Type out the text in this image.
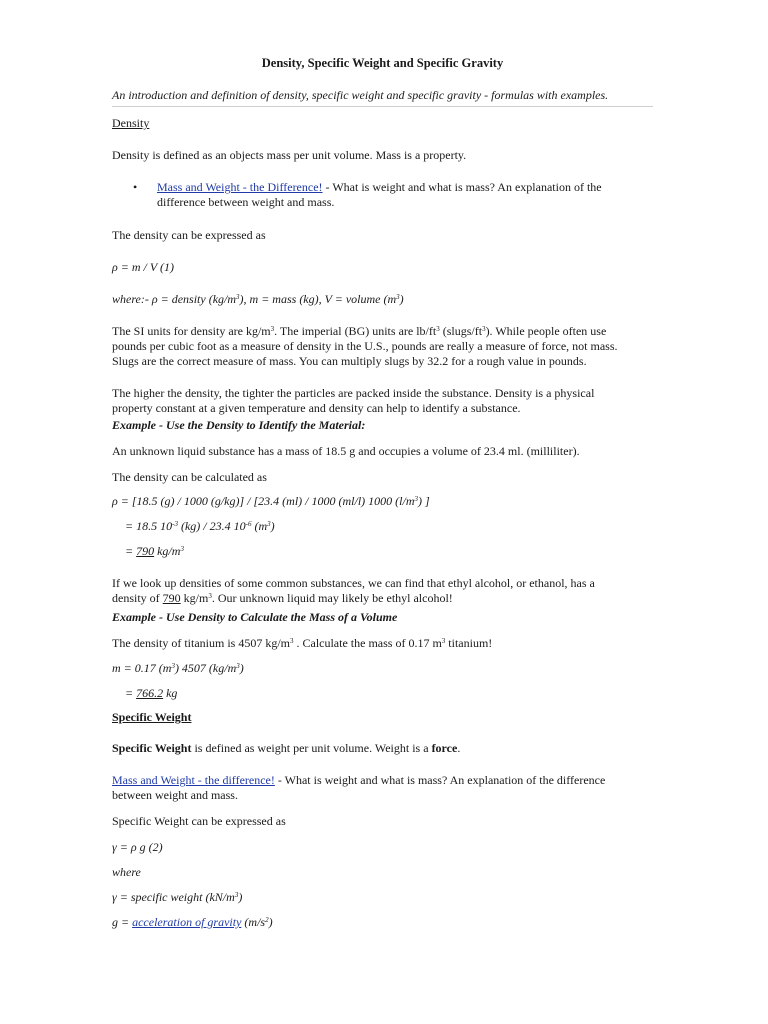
Density, Specific Weight and Specific Gravity

An introduction and definition of density, specific weight and specific gravity - formulas with examples.

Density

Density is defined as an objects mass per unit volume. Mass is a property.

• Mass and Weight - the Difference! - What is weight and what is mass? An explanation of the
difference between weight and mass.

The density can be expressed as

ρ = m / V (1)

where:- ρ = density $(kg/m^3)$, m = mass (kg), V = volume $(m^3)$

The SI units for density are $kg/m^3$. The imperial (BG) units are $lb/ft^3$ $(slugs/ft^3)$. While people often use
pounds per cubic foot as a measure of density in the U.S., pounds are really a measure of force, not mass.
Slugs are the correct measure of mass. You can multiply slugs by 32.2 for a rough value in pounds.

The higher the density, the tighter the particles are packed inside the substance. Density is a physical
property constant at a given temperature and density can help to identify a substance.

Example - Use the Density to Identify the Material:

An unknown liquid substance has a mass of 18.5 g and occupies a volume of 23.4 ml. (milliliter).

The density can be calculated as

ρ = [18.5 (g) / 1000 (g/kg)] / [23.4 (ml) / 1000 (ml/l) 1000 $(l/m^3)$ ]

= 18.5 $10^{-3}$ (kg) / 23.4 $10^{-6}$ $(m^3)$

= 790 $kg/m^3$

If we look up densities of some common substances, we can find that ethyl alcohol, or ethanol, has a
density of 790 $kg/m^3$. Our unknown liquid may likely be ethyl alcohol!

Example - Use Density to Calculate the Mass of a Volume

The density of titanium is 4507 $kg/m^3$ . Calculate the mass of 0.17 $m^3$ titanium!

m = 0.17 $(m^3)$ 4507 $(kg/m^3)$

= 766.2 kg

Specific Weight

Specific Weight is defined as weight per unit volume. Weight is a force.

Mass and Weight - the difference! - What is weight and what is mass? An explanation of the difference
between weight and mass.

Specific Weight can be expressed as

γ = ρ g (2)

where

γ = specific weight $(kN/m^3)$

g = acceleration of gravity $(m/s^2)$
